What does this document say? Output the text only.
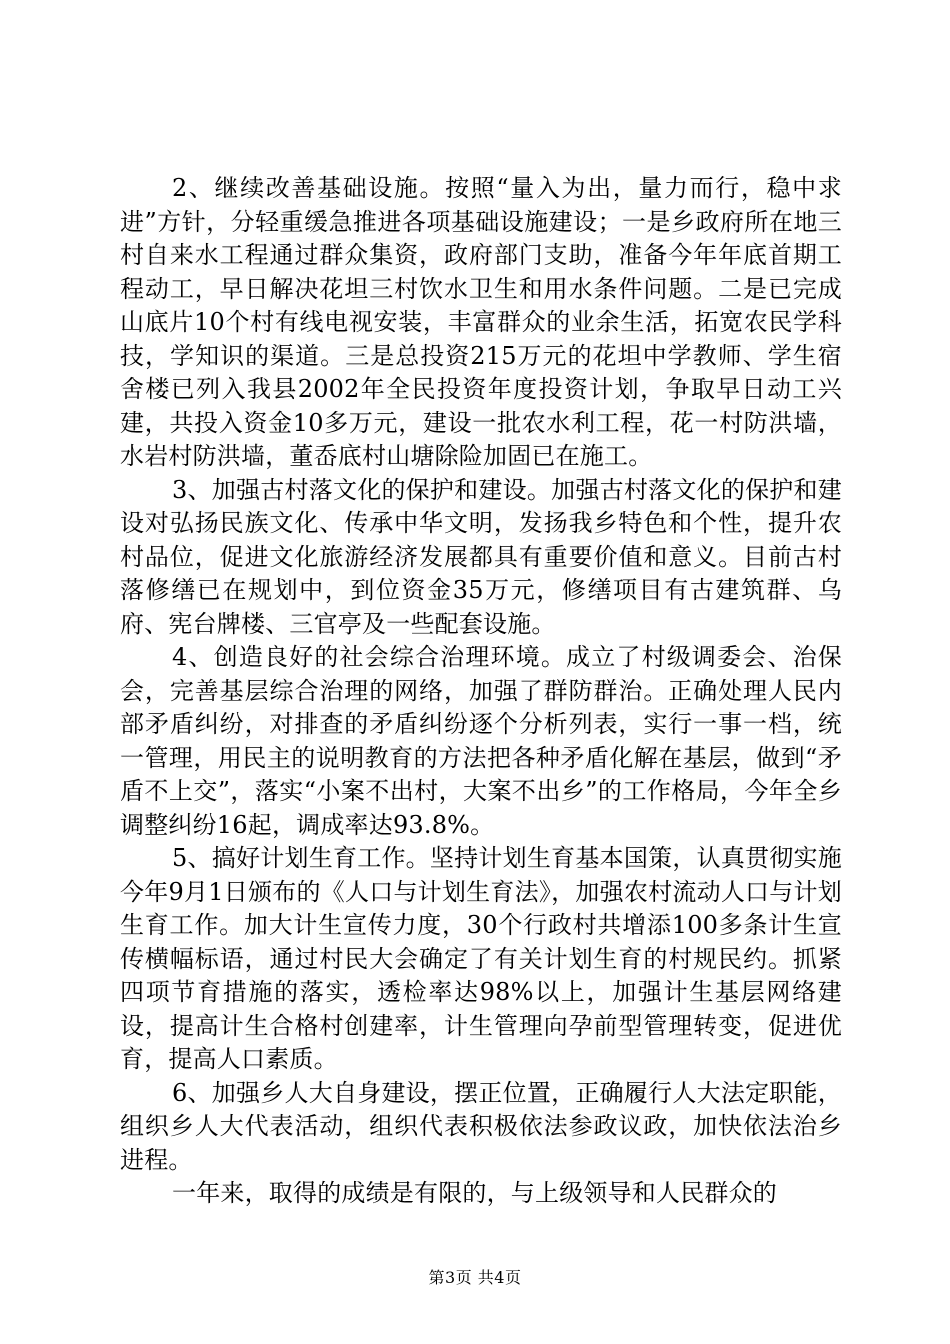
2、继续改善基础设施。按照“量入为出，量力而行，稳中求进”方针，分轻重缓急推进各项基础设施建设；一是乡政府所在地三村自来水工程通过群众集资，政府部门支助，准备今年年底首期工程动工，早日解决花坦三村饮水卫生和用水条件问题。二是已完成山底片10个村有线电视安装，丰富群众的业余生活，拓宽农民学科技，学知识的渠道。三是总投资215万元的花坦中学教师、学生宿舍楼已列入我县2002年全民投资年度投资计划，争取早日动工兴建，共投入资金10多万元，建设一批农水利工程，花一村防洪墙，水岩村防洪墙，董岙底村山塘除险加固已在施工。

3、加强古村落文化的保护和建设。加强古村落文化的保护和建设对弘扬民族文化、传承中华文明，发扬我乡特色和个性，提升农村品位，促进文化旅游经济发展都具有重要价值和意义。目前古村落修缮已在规划中，到位资金35万元，修缮项目有古建筑群、乌府、宪台牌楼、三官亭及一些配套设施。

4、创造良好的社会综合治理环境。成立了村级调委会、治保会，完善基层综合治理的网络，加强了群防群治。正确处理人民内部矛盾纠纷，对排查的矛盾纠纷逐个分析列表，实行一事一档，统一管理，用民主的说明教育的方法把各种矛盾化解在基层，做到“矛盾不上交”，落实“小案不出村，大案不出乡”的工作格局，今年全乡调整纠纷16起，调成率达93.8%。

5、搞好计划生育工作。坚持计划生育基本国策，认真贯彻实施今年9月1日颁布的《人口与计划生育法》，加强农村流动人口与计划生育工作。加大计生宣传力度，30个行政村共增添100多条计生宣传横幅标语，通过村民大会确定了有关计划生育的村规民约。抓紧四项节育措施的落实，透检率达98%以上，加强计生基层网络建设，提高计生合格村创建率，计生管理向孕前型管理转变，促进优育，提高人口素质。

6、加强乡人大自身建设，摆正位置，正确履行人大法定职能，组织乡人大代表活动，组织代表积极依法参政议政，加快依法治乡进程。

一年来，取得的成绩是有限的，与上级领导和人民群众的

第3页 共4页
